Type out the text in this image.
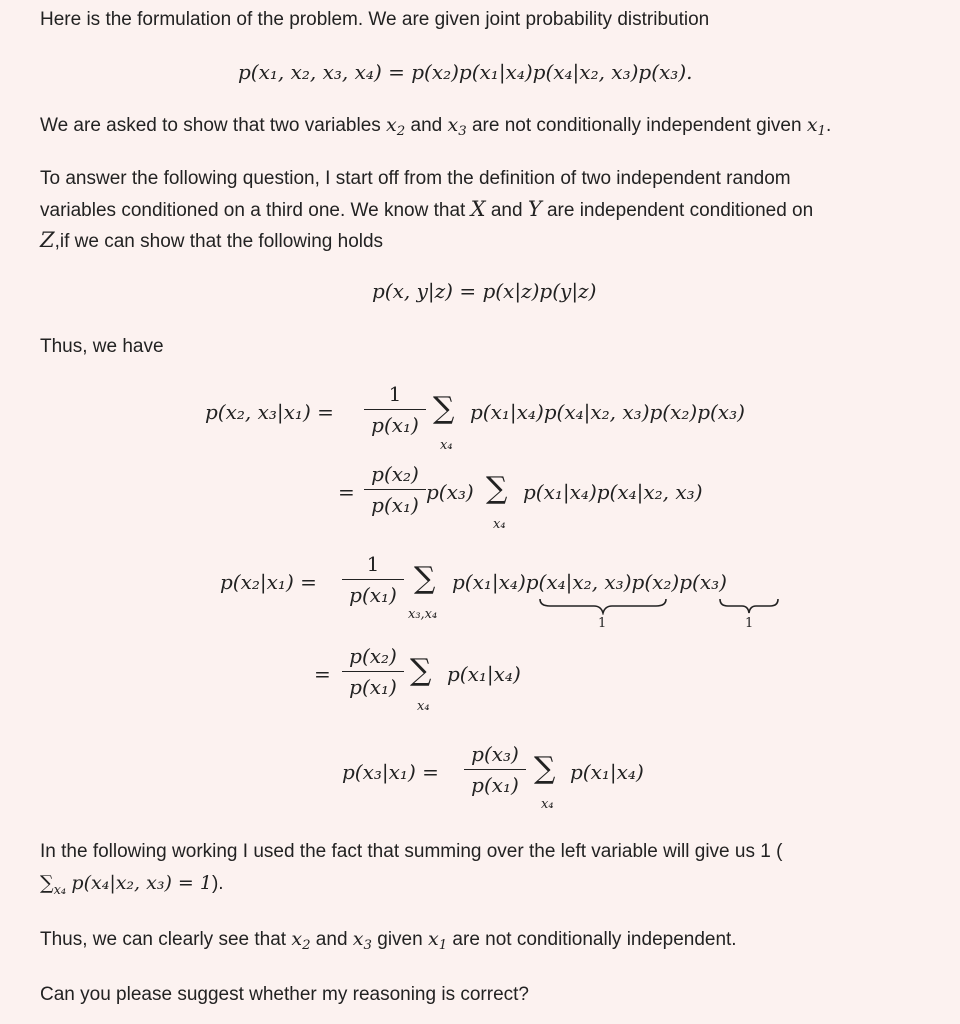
Here is the formulation of the problem. We are given joint probability distribution
p(x₁, x₂, x₃, x₄) = p(x₂)p(x₁|x₄)p(x₄|x₂, x₃)p(x₃).
We are asked to show that two variables $x_2$ and $x_3$ are not conditionally independent given $x_1$.
To answer the following question, I start off from the definition of two independent random
variables conditioned on a third one. We know that X and Y are independent conditioned on
Z,if we can show that the following holds
p(x, y|z) = p(x|z)p(y|z)
Thus, we have
p(x₂, x₃|x₁) =
1
p(x₁) ∑
x₄
p(x₁|x₄)p(x₄|x₂, x₃)p(x₂)p(x₃)
=
p(x₂)
p(x₁)
p(x₃) ∑
x₄
p(x₁|x₄)p(x₄|x₂, x₃)
p(x₂|x₁) =
1
p(x₁) ∑
x₃,x₄
p(x₁|x₄)p(x₄|x₂, x₃)p(x₂)p(x₃)
1	1
=
p(x₂)
p(x₁) ∑
x₄
p(x₁|x₄)
p(x₃|x₁) =
p(x₃)
p(x₁) ∑
x₄
p(x₁|x₄)
In the following working I used the fact that summing over the left variable will give us 1 (
$\sum_{x_4}$ p(x₄|x₂, x₃) = 1).
Thus, we can clearly see that $x_2$ and $x_3$ given $x_1$ are not conditionally independent.
Can you please suggest whether my reasoning is correct?
